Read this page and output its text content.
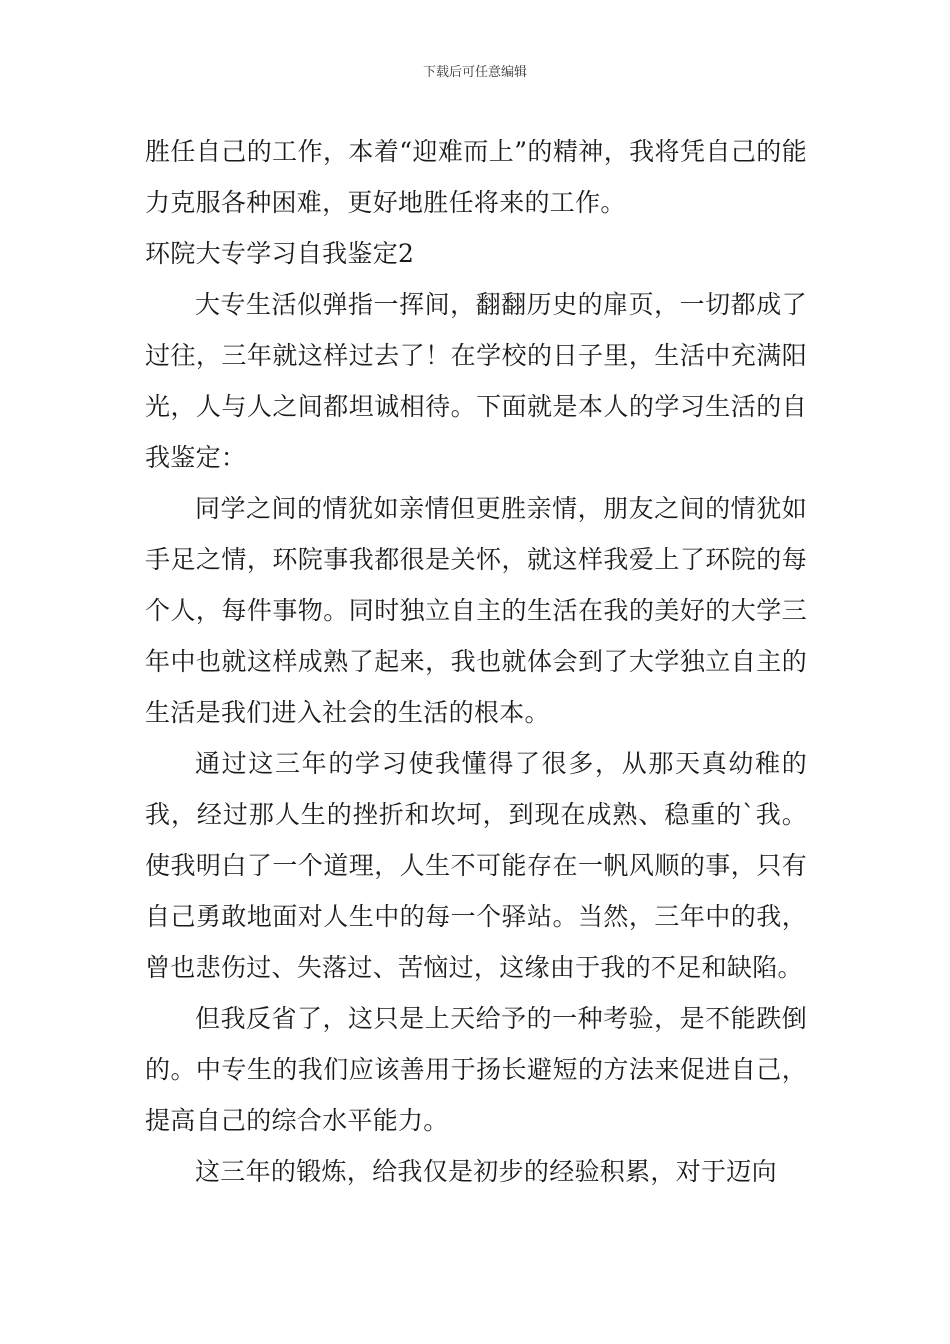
下载后可任意编辑

胜任自己的工作，本着“迎难而上”的精神，我将凭自己的能力克服各种困难，更好地胜任将来的工作。

环院大专学习自我鉴定2

大专生活似弹指一挥间，翻翻历史的扉页，一切都成了过往，三年就这样过去了！在学校的日子里，生活中充满阳光，人与人之间都坦诚相待。下面就是本人的学习生活的自我鉴定：

同学之间的情犹如亲情但更胜亲情，朋友之间的情犹如手足之情，环院事我都很是关怀，就这样我爱上了环院的每个人，每件事物。同时独立自主的生活在我的美好的大学三年中也就这样成熟了起来，我也就体会到了大学独立自主的生活是我们进入社会的生活的根本。

通过这三年的学习使我懂得了很多，从那天真幼稚的我，经过那人生的挫折和坎坷，到现在成熟、稳重的`我。使我明白了一个道理，人生不可能存在一帆风顺的事，只有自己勇敢地面对人生中的每一个驿站。当然，三年中的我，曾也悲伤过、失落过、苦恼过，这缘由于我的不足和缺陷。

但我反省了，这只是上天给予的一种考验，是不能跌倒的。中专生的我们应该善用于扬长避短的方法来促进自己，提高自己的综合水平能力。

这三年的锻炼，给我仅是初步的经验积累，对于迈向
